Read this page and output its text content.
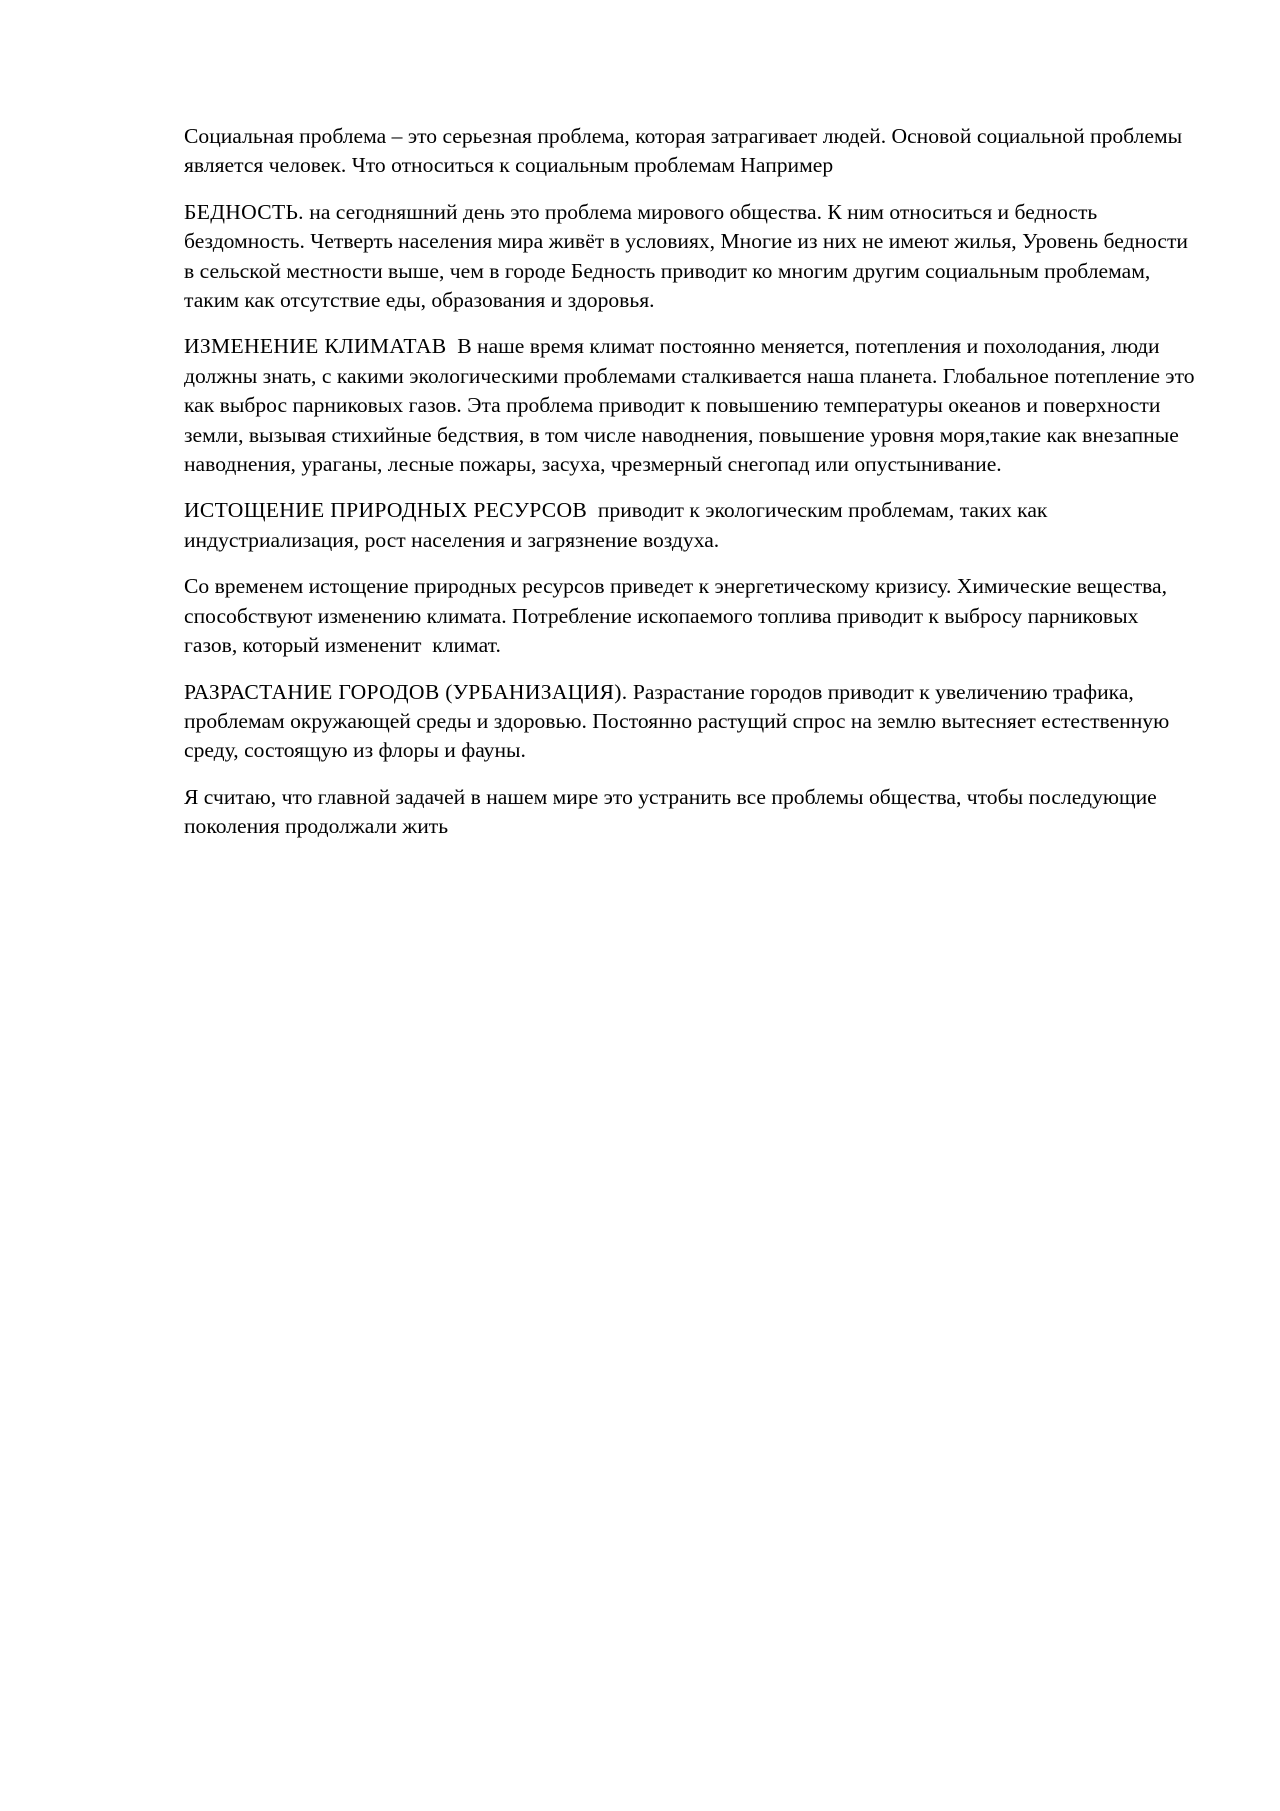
Социальная проблема – это серьезная проблема, которая затрагивает людей. Основой социальной проблемы является человек. Что относиться к социальным проблемам Например

БЕДНОСТЬ. на сегодняшний день это проблема мирового общества. К ним относиться и бедность бездомность. Четверть населения мира живёт в условиях, Многие из них не имеют жилья, Уровень бедности в сельской местности выше, чем в городе Бедность приводит ко многим другим социальным проблемам, таким как отсутствие еды, образования и здоровья.

ИЗМЕНЕНИЕ КЛИМАТАВ  В наше время климат постоянно меняется, потепления и похолодания, люди должны знать, с какими экологическими проблемами сталкивается наша планета. Глобальное потепление это как выброс парниковых газов. Эта проблема приводит к повышению температуры океанов и поверхности земли, вызывая стихийные бедствия, в том числе наводнения, повышение уровня моря,такие как внезапные наводнения, ураганы, лесные пожары, засуха, чрезмерный снегопад или опустынивание.

ИСТОЩЕНИЕ ПРИРОДНЫХ РЕСУРСОВ  приводит к экологическим проблемам, таких как индустриализация, рост населения и загрязнение воздуха.

Со временем истощение природных ресурсов приведет к энергетическому кризису. Химические вещества,  способствуют изменению климата. Потребление ископаемого топлива приводит к выбросу парниковых газов, который измененит  климат.

РАЗРАСТАНИЕ ГОРОДОВ (УРБАНИЗАЦИЯ). Разрастание городов приводит к увеличению трафика, проблемам окружающей среды и здоровью. Постоянно растущий спрос на землю вытесняет естественную среду, состоящую из флоры и фауны.

Я считаю, что главной задачей в нашем мире это устранить все проблемы общества, чтобы последующие поколения продолжали жить
